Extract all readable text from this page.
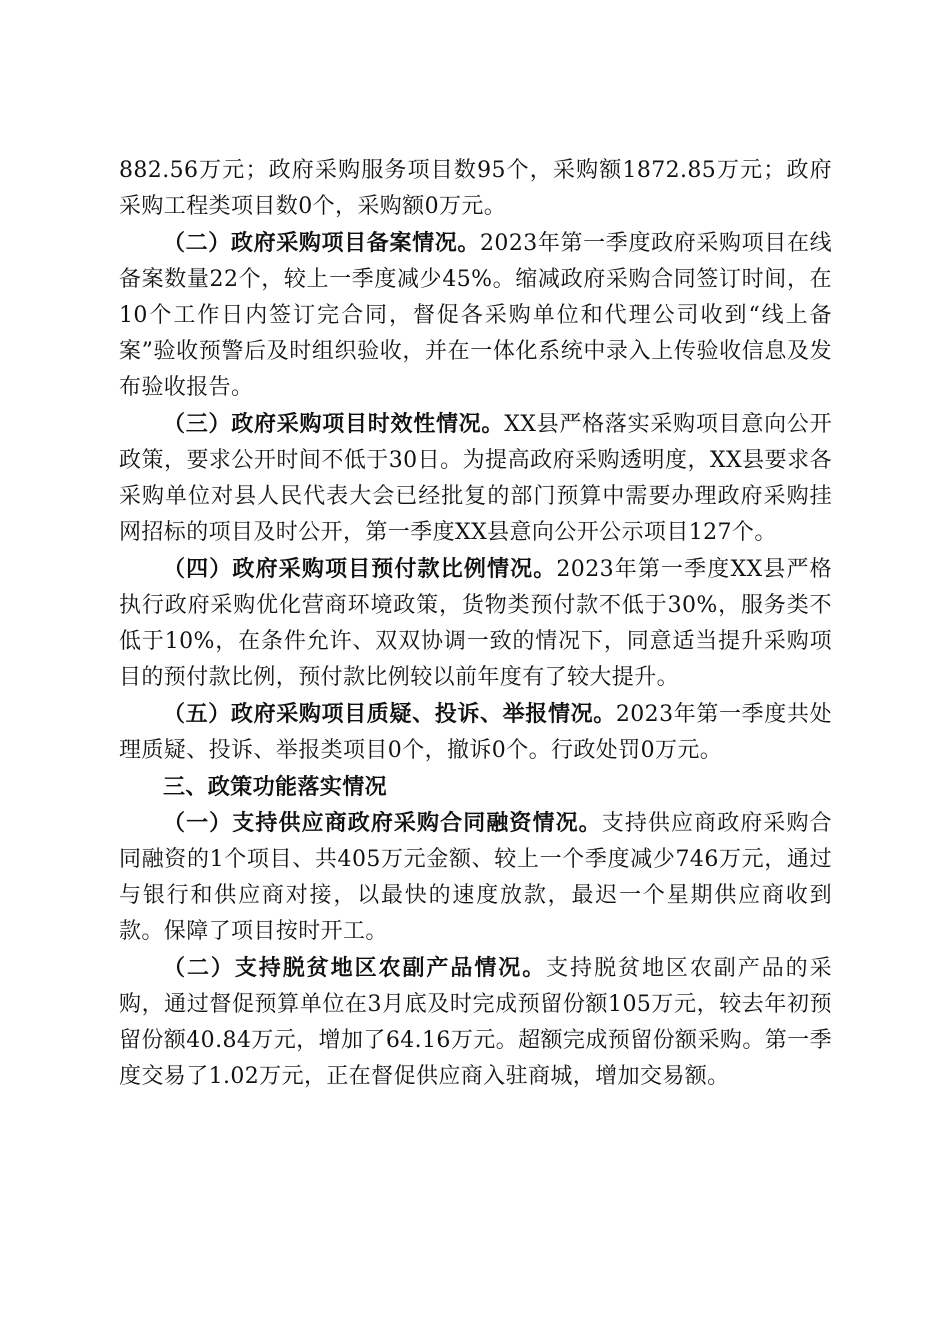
882.56万元；政府采购服务项目数95个，采购额1872.85万元；政府采购工程类项目数0个，采购额0万元。

（二）政府采购项目备案情况。2023年第一季度政府采购项目在线备案数量22个，较上一季度减少45%。缩减政府采购合同签订时间，在10个工作日内签订完合同，督促各采购单位和代理公司收到“线上备案”验收预警后及时组织验收，并在一体化系统中录入上传验收信息及发布验收报告。

（三）政府采购项目时效性情况。XX县严格落实采购项目意向公开政策，要求公开时间不低于30日。为提高政府采购透明度，XX县要求各采购单位对县人民代表大会已经批复的部门预算中需要办理政府采购挂网招标的项目及时公开，第一季度XX县意向公开公示项目127个。

（四）政府采购项目预付款比例情况。2023年第一季度XX县严格执行政府采购优化营商环境政策，货物类预付款不低于30%，服务类不低于10%，在条件允许、双双协调一致的情况下，同意适当提升采购项目的预付款比例，预付款比例较以前年度有了较大提升。

（五）政府采购项目质疑、投诉、举报情况。2023年第一季度共处理质疑、投诉、举报类项目0个，撤诉0个。行政处罚0万元。

三、政策功能落实情况

（一）支持供应商政府采购合同融资情况。支持供应商政府采购合同融资的1个项目、共405万元金额、较上一个季度减少746万元，通过与银行和供应商对接，以最快的速度放款，最迟一个星期供应商收到款。保障了项目按时开工。

（二）支持脱贫地区农副产品情况。支持脱贫地区农副产品的采购，通过督促预算单位在3月底及时完成预留份额105万元，较去年初预留份额40.84万元，增加了64.16万元。超额完成预留份额采购。第一季度交易了1.02万元，正在督促供应商入驻商城，增加交易额。
